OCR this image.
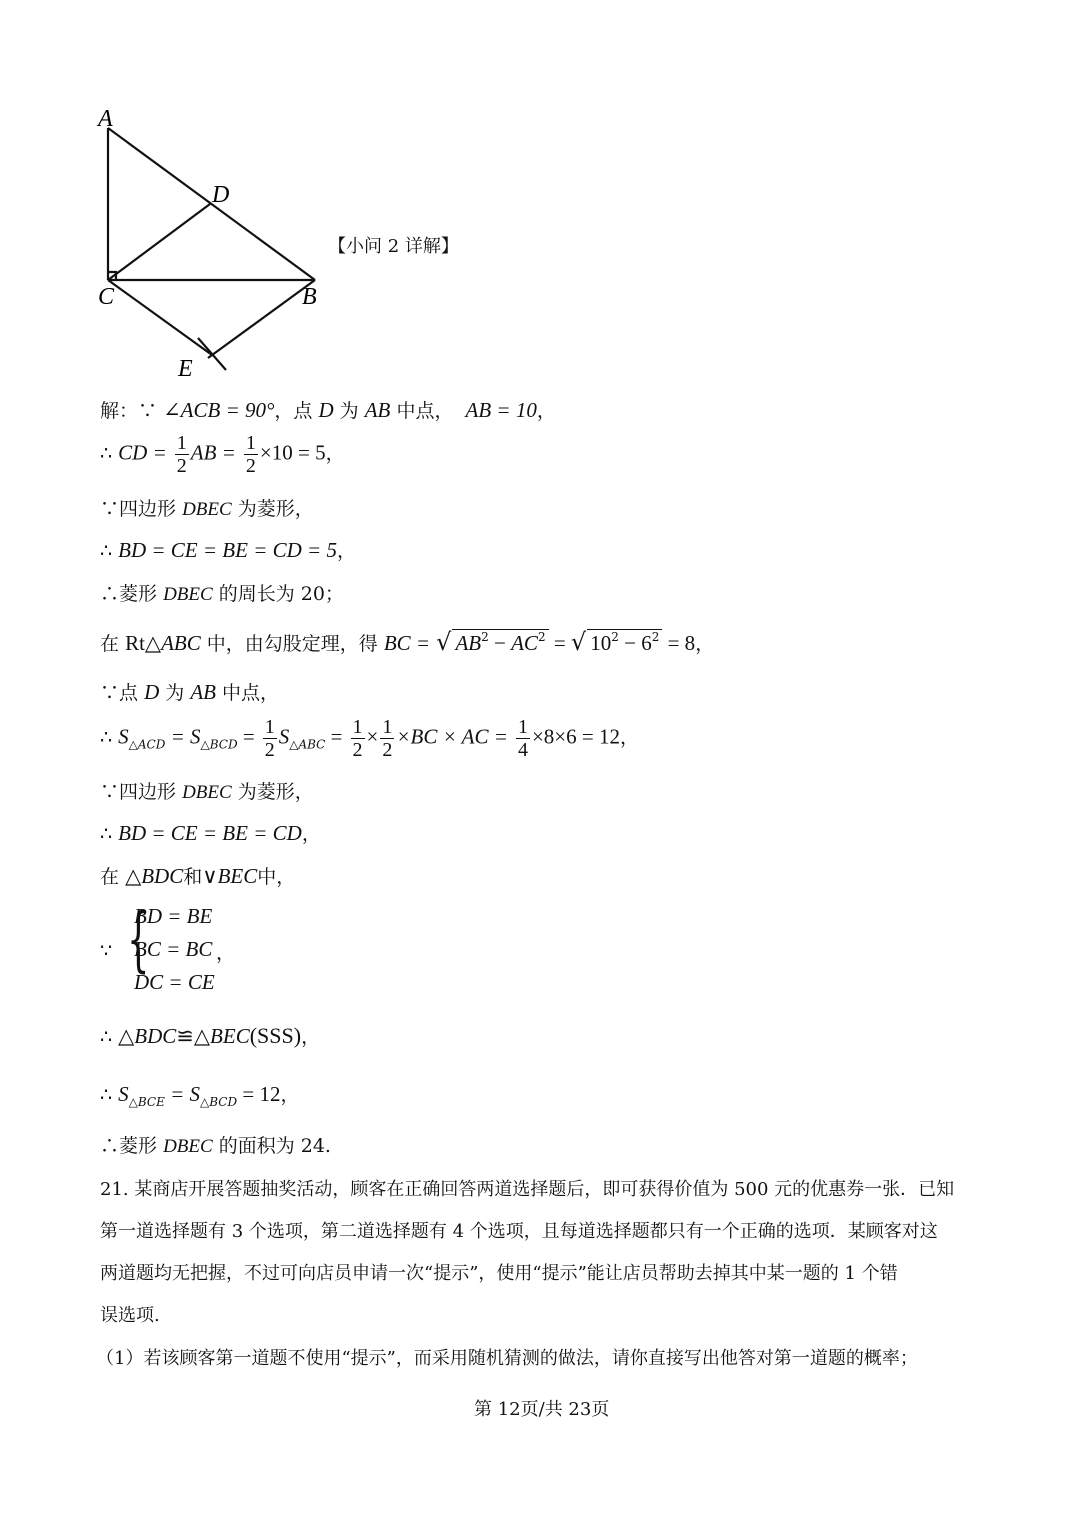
A
D
C	B
E
【小问 2 详解】
解：∵ ∠ACB = 90°，点 D 为 AB 中点， AB = 10，
∴ CD = $\frac{1}{2}$ AB = $\frac{1}{2} \times 10 = 5$，
∵四边形 DBEC 为菱形，
∴ BD = CE = BE = CD = 5，
∴菱形 DBEC 的周长为 20；
在 Rt△ABC 中，由勾股定理，得 BC = √ $AB^2 - AC^2$ = √ $10^2 - 6^2 = 8$，
∵点 D 为 AB 中点，
∴ $S_{\triangle ACD} = S_{\triangle BCD} = \frac{1}{2} S_{\triangle ABC} = \frac{1}{2} \times \frac{1}{2} \times BC$ × AC = $\frac{1}{4} \times 8\times 6 = 12$，
∵四边形 DBEC 为菱形，
∴ BD = CE = BE = CD，
在 △BDC和∨BEC中，
∵ {
BD = BE
BC = BC ，
DC = CE
∴ △BDC≌△BEC(SSS)，
∴ $S_{\triangle BCE} = S_{\triangle BCD} = 12$，
∴菱形 DBEC 的面积为 24.
21. 某商店开展答题抽奖活动，顾客在正确回答两道选择题后，即可获得价值为 500 元的优惠券一张．已知
第一道选择题有 3 个选项，第二道选择题有 4 个选项，且每道选择题都只有一个正确的选项．某顾客对这
两道题均无把握，不过可向店员申请一次“提示”，使用“提示”能让店员帮助去掉其中某一题的 1 个错
误选项.
（1）若该顾客第一道题不使用“提示”，而采用随机猜测的做法，请你直接写出他答对第一道题的概率；
第 12页/共 23页
